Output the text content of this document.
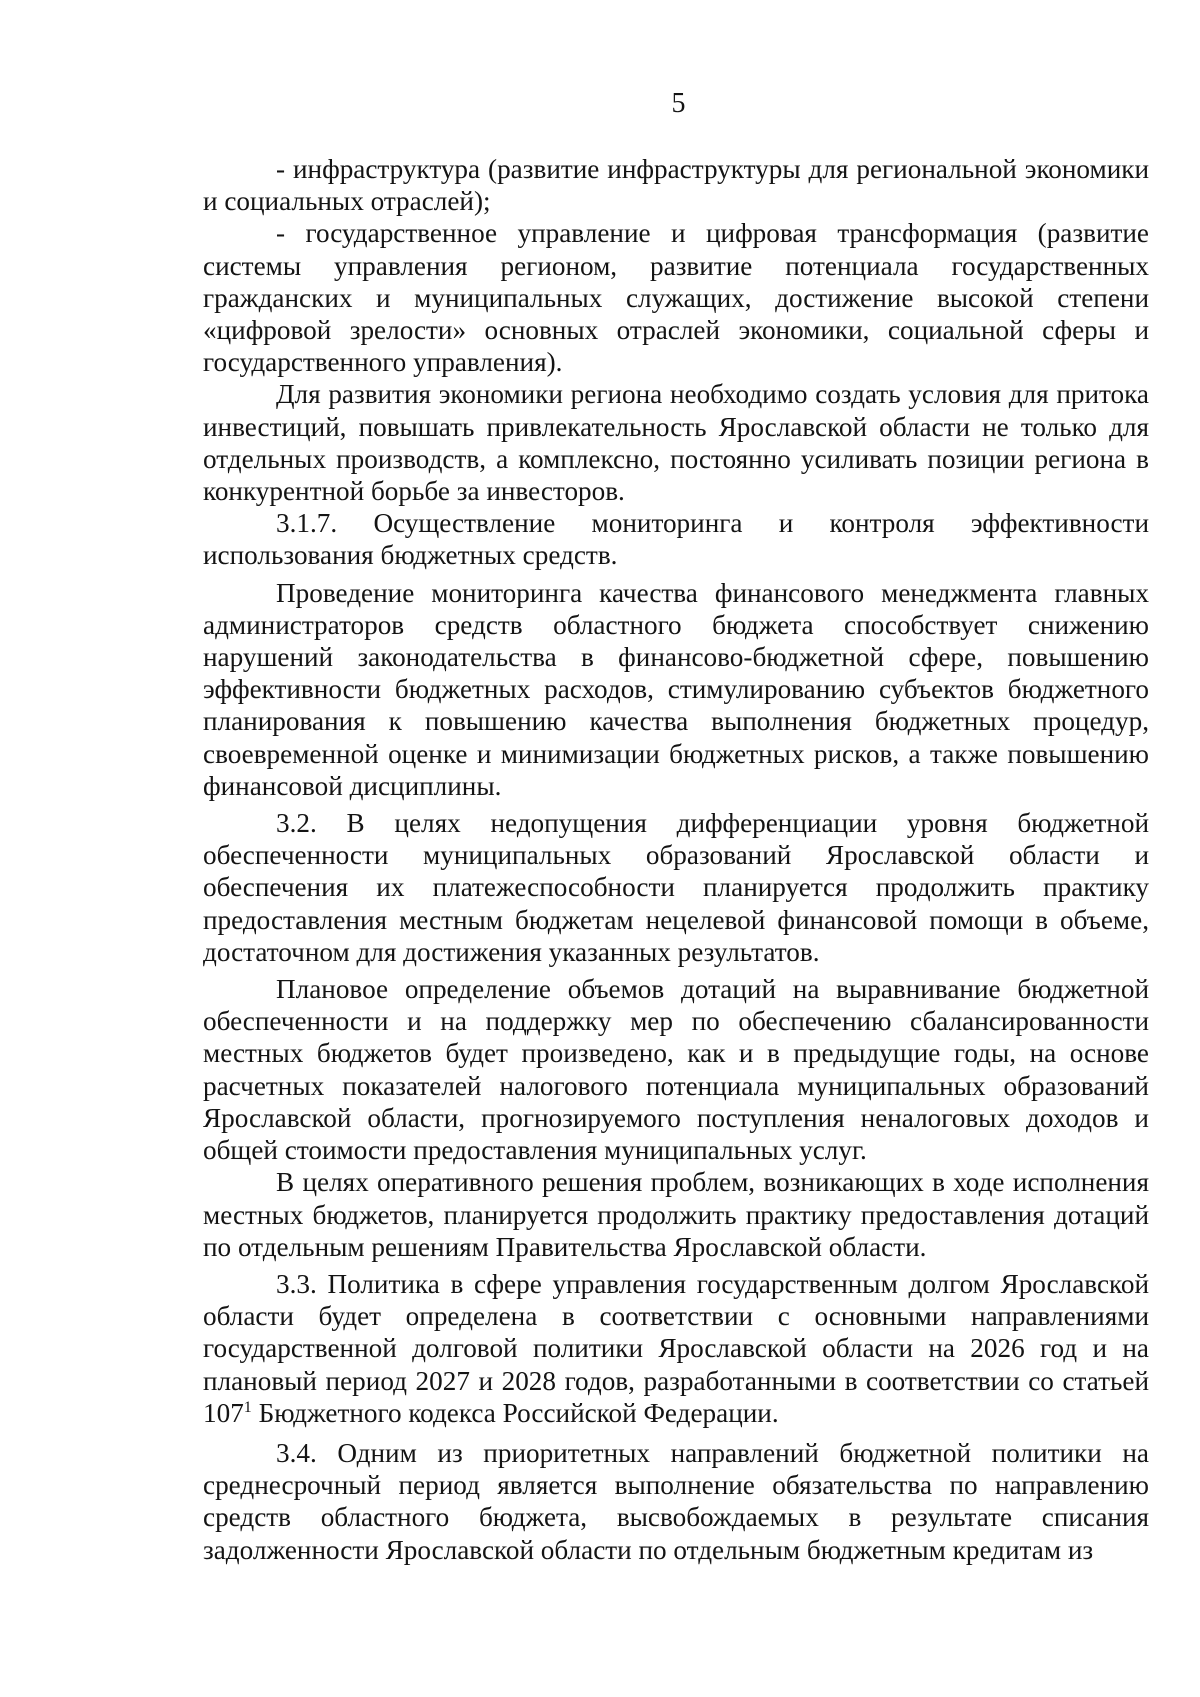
5

- инфраструктура (развитие инфраструктуры для региональной экономики и социальных отраслей);

- государственное управление и цифровая трансформация (развитие системы управления регионом, развитие потенциала государственных гражданских и муниципальных служащих, достижение высокой степени «цифровой зрелости» основных отраслей экономики, социальной сферы и государственного управления).

Для развития экономики региона необходимо создать условия для притока инвестиций, повышать привлекательность Ярославской области не только для отдельных производств, а комплексно, постоянно усиливать позиции региона в конкурентной борьбе за инвесторов.

3.1.7. Осуществление мониторинга и контроля эффективности использования бюджетных средств.

Проведение мониторинга качества финансового менеджмента главных администраторов средств областного бюджета способствует снижению нарушений законодательства в финансово-бюджетной сфере, повышению эффективности бюджетных расходов, стимулированию субъектов бюджетного планирования к повышению качества выполнения бюджетных процедур, своевременной оценке и минимизации бюджетных рисков, а также повышению финансовой дисциплины.

3.2. В целях недопущения дифференциации уровня бюджетной обеспеченности муниципальных образований Ярославской области и обеспечения их платежеспособности планируется продолжить практику предоставления местным бюджетам нецелевой финансовой помощи в объеме, достаточном для достижения указанных результатов.

Плановое определение объемов дотаций на выравнивание бюджетной обеспеченности и на поддержку мер по обеспечению сбалансированности местных бюджетов будет произведено, как и в предыдущие годы, на основе расчетных показателей налогового потенциала муниципальных образований Ярославской области, прогнозируемого поступления неналоговых доходов и общей стоимости предоставления муниципальных услуг.

В целях оперативного решения проблем, возникающих в ходе исполнения местных бюджетов, планируется продолжить практику предоставления дотаций по отдельным решениям Правительства Ярославской области.

3.3. Политика в сфере управления государственным долгом Ярославской области будет определена в соответствии с основными направлениями государственной долговой политики Ярославской области на 2026 год и на плановый период 2027 и 2028 годов, разработанными в соответствии со статьей $107^1$ Бюджетного кодекса Российской Федерации.

3.4. Одним из приоритетных направлений бюджетной политики на среднесрочный период является выполнение обязательства по направлению средств областного бюджета, высвобождаемых в результате списания задолженности Ярославской области по отдельным бюджетным кредитам из
